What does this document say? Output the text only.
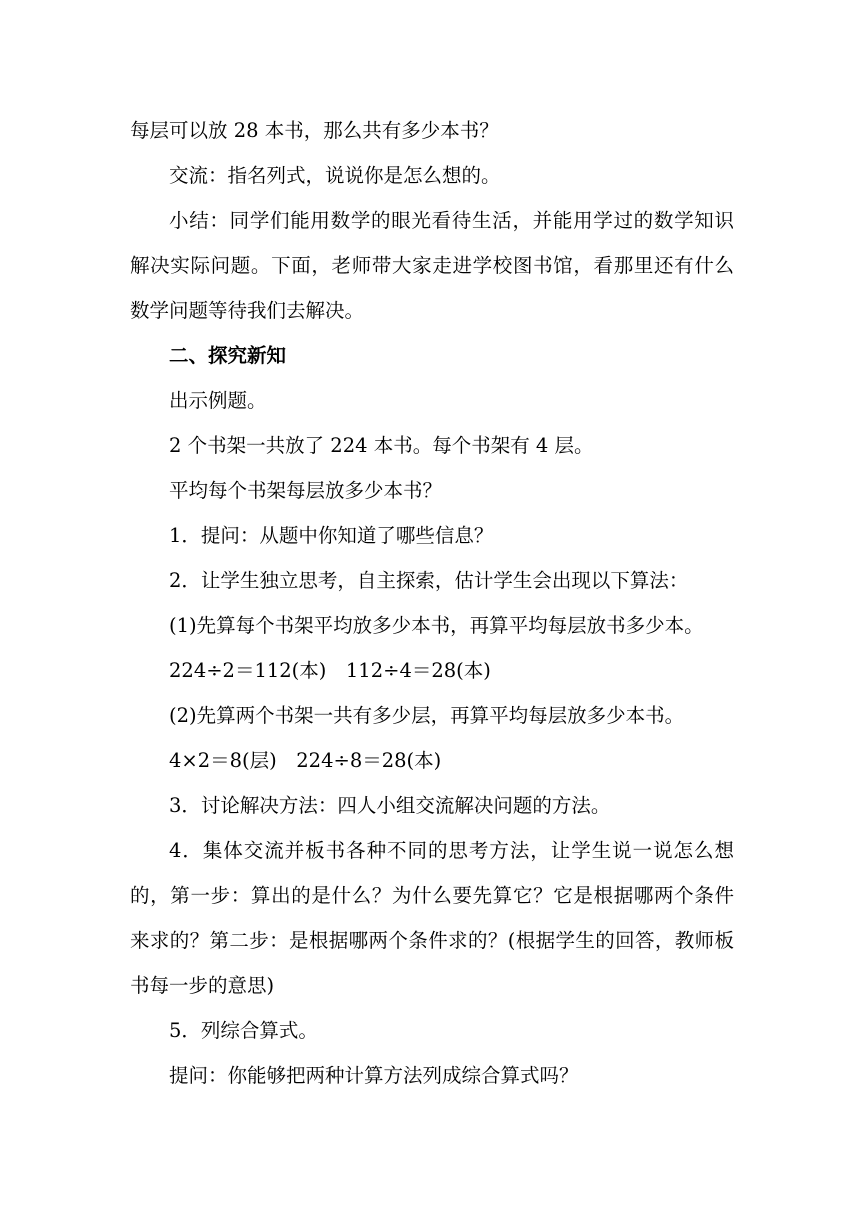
每层可以放 28 本书，那么共有多少本书？

交流：指名列式，说说你是怎么想的。

小结：同学们能用数学的眼光看待生活，并能用学过的数学知识解决实际问题。下面，老师带大家走进学校图书馆，看那里还有什么数学问题等待我们去解决。

二、探究新知

出示例题。

2 个书架一共放了 224 本书。每个书架有 4 层。

平均每个书架每层放多少本书？

1．提问：从题中你知道了哪些信息？

2．让学生独立思考，自主探索，估计学生会出现以下算法：

(1)先算每个书架平均放多少本书，再算平均每层放书多少本。

224÷2＝112(本)　112÷4＝28(本)

(2)先算两个书架一共有多少层，再算平均每层放多少本书。

4×2＝8(层)　224÷8＝28(本)

3．讨论解决方法：四人小组交流解决问题的方法。

4．集体交流并板书各种不同的思考方法，让学生说一说怎么想的，第一步：算出的是什么？为什么要先算它？它是根据哪两个条件来求的？第二步：是根据哪两个条件求的？(根据学生的回答，教师板书每一步的意思)

5．列综合算式。

提问：你能够把两种计算方法列成综合算式吗？
